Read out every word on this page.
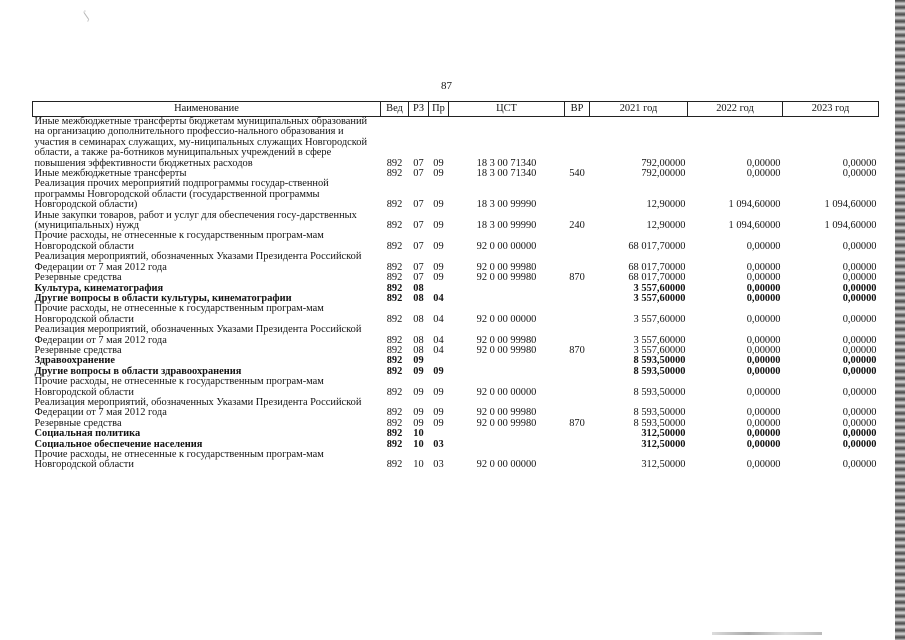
ʃ
87
Наименование	Вед	РЗ	Пр	ЦСТ	ВР	2021 год	2022 год	2023 год
Иные межбюджетные трансферты бюджетам муниципальных образований на организацию дополнительного профессио-нального образования и участия в семинарах служащих, му-ниципальных служащих Новгородской области, а также ра-ботников муниципальных учреждений в сфере повышения эффективности бюджетных расходов	892	07	09	18 3 00 71340		792,00000	0,00000	0,00000
Иные межбюджетные трансферты	892	07	09	18 3 00 71340	540	792,00000	0,00000	0,00000
Реализация прочих мероприятий подпрограммы государ-ственной программы Новгородской области (государственной программы Новгородской области)	892	07	09	18 3 00 99990		12,90000	1 094,60000	1 094,60000
Иные закупки товаров, работ и услуг для обеспечения госу-дарственных (муниципальных) нужд	892	07	09	18 3 00 99990	240	12,90000	1 094,60000	1 094,60000
Прочие расходы, не отнесенные к государственным програм-мам Новгородской области	892	07	09	92 0 00 00000		68 017,70000	0,00000	0,00000
Реализация мероприятий, обозначенных Указами Президента Российской Федерации от 7 мая 2012 года	892	07	09	92 0 00 99980		68 017,70000	0,00000	0,00000
Резервные средства	892	07	09	92 0 00 99980	870	68 017,70000	0,00000	0,00000
Культура, кинематография	892	08				3 557,60000	0,00000	0,00000
Другие вопросы в области культуры, кинематографии	892	08	04			3 557,60000	0,00000	0,00000
Прочие расходы, не отнесенные к государственным програм-мам Новгородской области	892	08	04	92 0 00 00000		3 557,60000	0,00000	0,00000
Реализация мероприятий, обозначенных Указами Президента Российской Федерации от 7 мая 2012 года	892	08	04	92 0 00 99980		3 557,60000	0,00000	0,00000
Резервные средства	892	08	04	92 0 00 99980	870	3 557,60000	0,00000	0,00000
Здравоохранение	892	09				8 593,50000	0,00000	0,00000
Другие вопросы в области здравоохранения	892	09	09			8 593,50000	0,00000	0,00000
Прочие расходы, не отнесенные к государственным програм-мам Новгородской области	892	09	09	92 0 00 00000		8 593,50000	0,00000	0,00000
Реализация мероприятий, обозначенных Указами Президента Российской Федерации от 7 мая 2012 года	892	09	09	92 0 00 99980		8 593,50000	0,00000	0,00000
Резервные средства	892	09	09	92 0 00 99980	870	8 593,50000	0,00000	0,00000
Социальная политика	892	10				312,50000	0,00000	0,00000
Социальное обеспечение населения	892	10	03			312,50000	0,00000	0,00000
Прочие расходы, не отнесенные к государственным програм-мам Новгородской области	892	10	03	92 0 00 00000		312,50000	0,00000	0,00000
